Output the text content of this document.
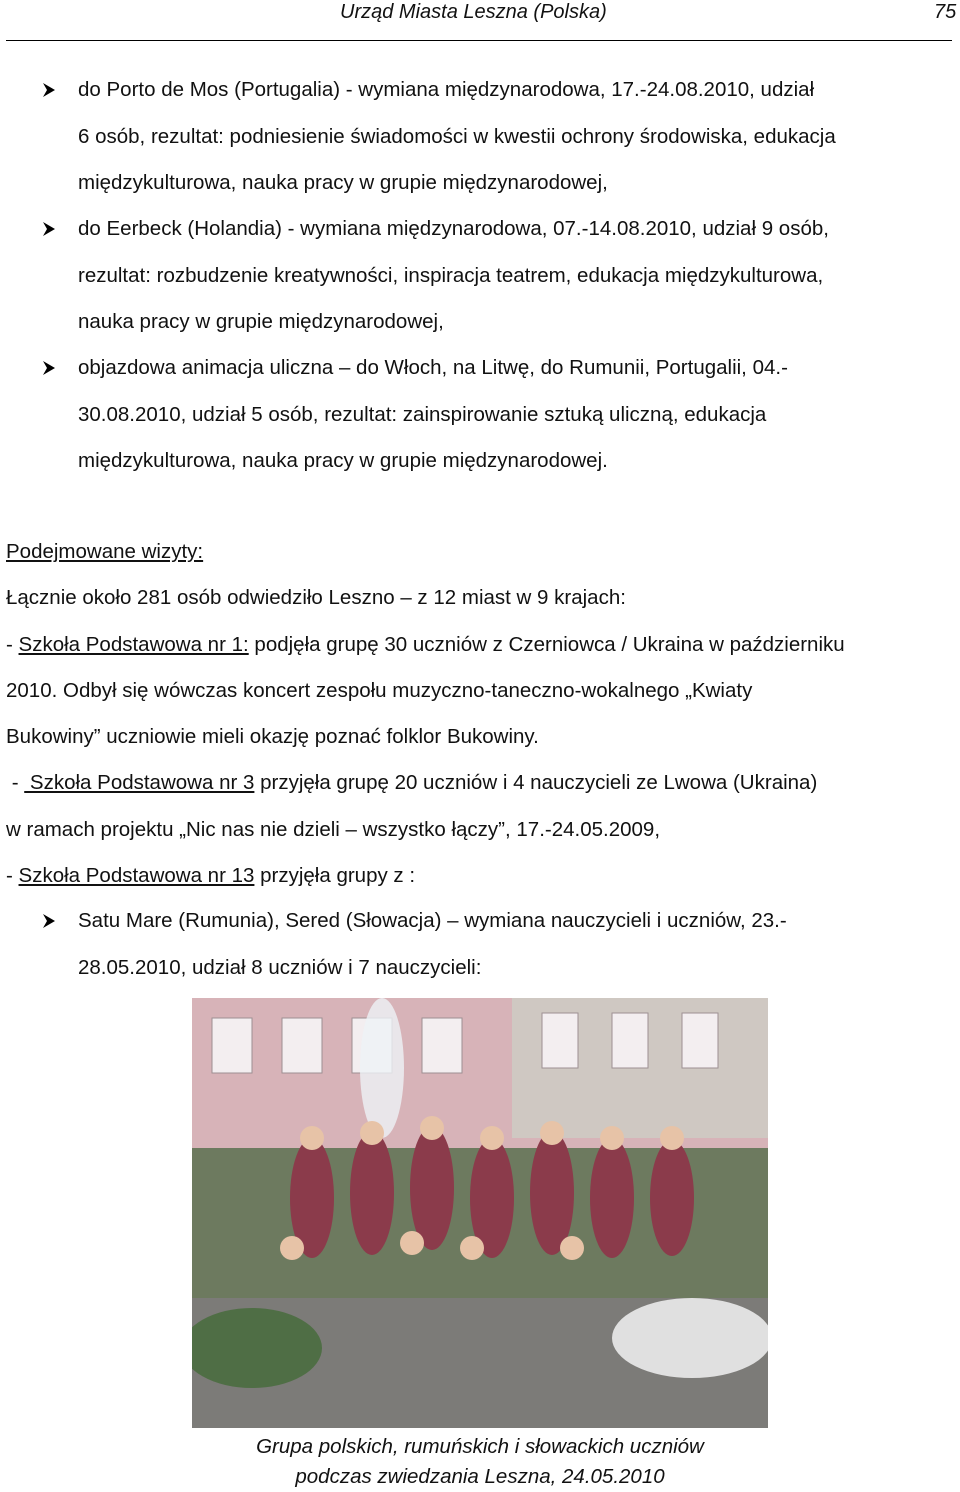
Urząd Miasta Leszna (Polska)	75
do Porto de Mos (Portugalia) - wymiana międzynarodowa, 17.-24.08.2010, udział
6 osób, rezultat: podniesienie świadomości w kwestii ochrony środowiska, edukacja
międzykulturowa, nauka pracy w grupie międzynarodowej,
do Eerbeck (Holandia) - wymiana międzynarodowa, 07.-14.08.2010, udział 9 osób,
rezultat: rozbudzenie kreatywności, inspiracja teatrem, edukacja międzykulturowa,
nauka pracy w grupie międzynarodowej,
objazdowa animacja uliczna – do Włoch, na Litwę, do Rumunii, Portugalii, 04.-
30.08.2010, udział 5 osób, rezultat: zainspirowanie sztuką uliczną, edukacja
międzykulturowa, nauka pracy w grupie międzynarodowej.

Podejmowane wizyty:

Łącznie około 281 osób odwiedziło Leszno – z 12 miast w 9 krajach:

- Szkoła Podstawowa nr 1: podjęła grupę 30 uczniów z Czerniowca / Ukraina w październiku

2010. Odbył się wówczas koncert zespołu muzyczno-taneczno-wokalnego „Kwiaty

Bukowiny” uczniowie mieli okazję poznać folklor Bukowiny.

-  Szkoła Podstawowa nr 3 przyjęła grupę 20 uczniów i 4 nauczycieli ze Lwowa (Ukraina)

w ramach projektu „Nic nas nie dzieli – wszystko łączy”, 17.-24.05.2009,

- Szkoła Podstawowa nr 13 przyjęła grupy z :

Satu Mare (Rumunia), Sered (Słowacja) – wymiana nauczycieli i uczniów, 23.-
28.05.2010, udział 8 uczniów i 7 nauczycieli:
Grupa polskich, rumuńskich i słowackich uczniów
podczas zwiedzania Leszna, 24.05.2010
